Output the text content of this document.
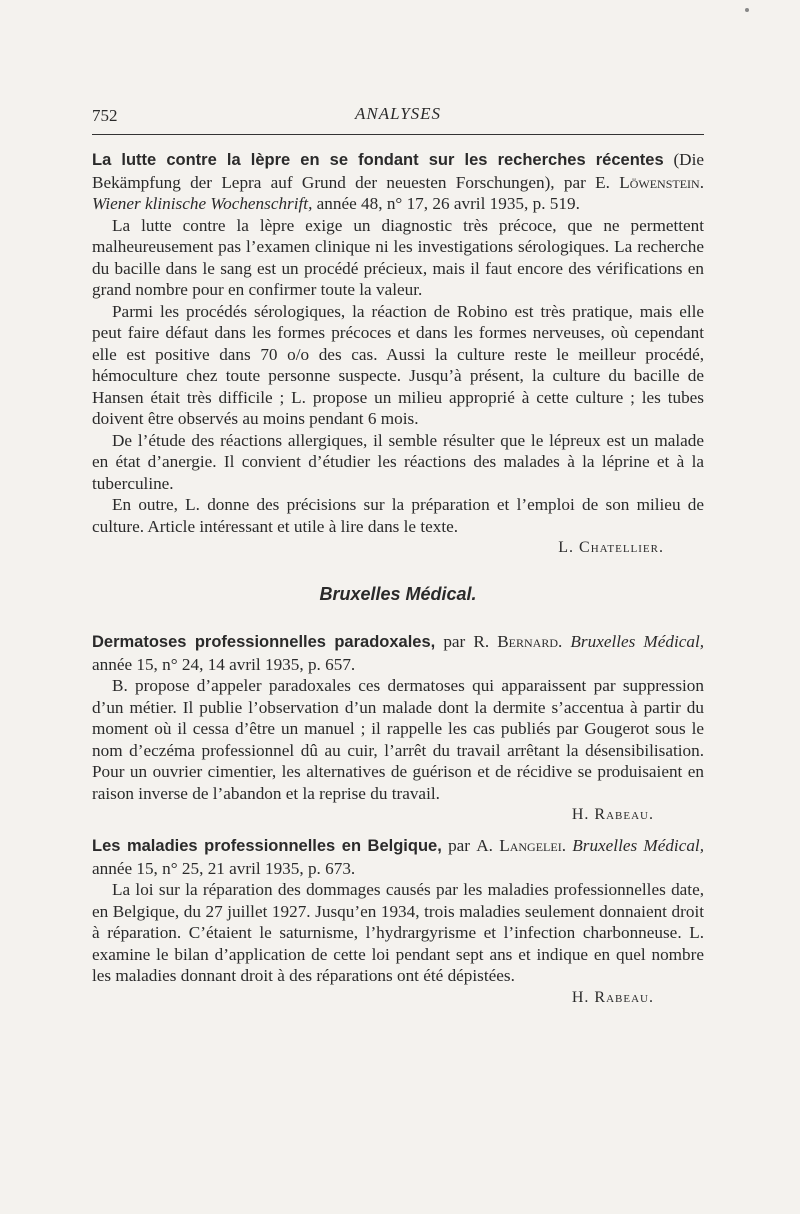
752	ANALYSES

La lutte contre la lèpre en se fondant sur les recherches récentes (Die Bekämpfung der Lepra auf Grund der neuesten Forschungen), par E. Löwenstein. Wiener klinische Wochenschrift, année 48, n° 17, 26 avril 1935, p. 519.

La lutte contre la lèpre exige un diagnostic très précoce, que ne permettent malheureusement pas l’examen clinique ni les investigations sérologiques. La recherche du bacille dans le sang est un procédé précieux, mais il faut encore des vérifications en grand nombre pour en confirmer toute la valeur.

Parmi les procédés sérologiques, la réaction de Robino est très pratique, mais elle peut faire défaut dans les formes précoces et dans les formes nerveuses, où cependant elle est positive dans 70 o/o des cas. Aussi la culture reste le meilleur procédé, hémoculture chez toute personne suspecte. Jusqu’à présent, la culture du bacille de Hansen était très difficile ; L. propose un milieu approprié à cette culture ; les tubes doivent être observés au moins pendant 6 mois.

De l’étude des réactions allergiques, il semble résulter que le lépreux est un malade en état d’anergie. Il convient d’étudier les réactions des malades à la léprine et à la tuberculine.

En outre, L. donne des précisions sur la préparation et l’emploi de son milieu de culture. Article intéressant et utile à lire dans le texte.

L. Chatellier.

Bruxelles Médical.

Dermatoses professionnelles paradoxales, par R. Bernard. Bruxelles Médical, année 15, n° 24, 14 avril 1935, p. 657.

B. propose d’appeler paradoxales ces dermatoses qui apparaissent par suppression d’un métier. Il publie l’observation d’un malade dont la dermite s’accentua à partir du moment où il cessa d’être un manuel ; il rappelle les cas publiés par Gougerot sous le nom d’eczéma professionnel dû au cuir, l’arrêt du travail arrêtant la désensibilisation. Pour un ouvrier cimentier, les alternatives de guérison et de récidive se produisaient en raison inverse de l’abandon et la reprise du travail.

H. Rabeau.

Les maladies professionnelles en Belgique, par A. Langelei. Bruxelles Médical, année 15, n° 25, 21 avril 1935, p. 673.

La loi sur la réparation des dommages causés par les maladies professionnelles date, en Belgique, du 27 juillet 1927. Jusqu’en 1934, trois maladies seulement donnaient droit à réparation. C’étaient le saturnisme, l’hydrargyrisme et l’infection charbonneuse. L. examine le bilan d’application de cette loi pendant sept ans et indique en quel nombre les maladies donnant droit à des réparations ont été dépistées.

H. Rabeau.
